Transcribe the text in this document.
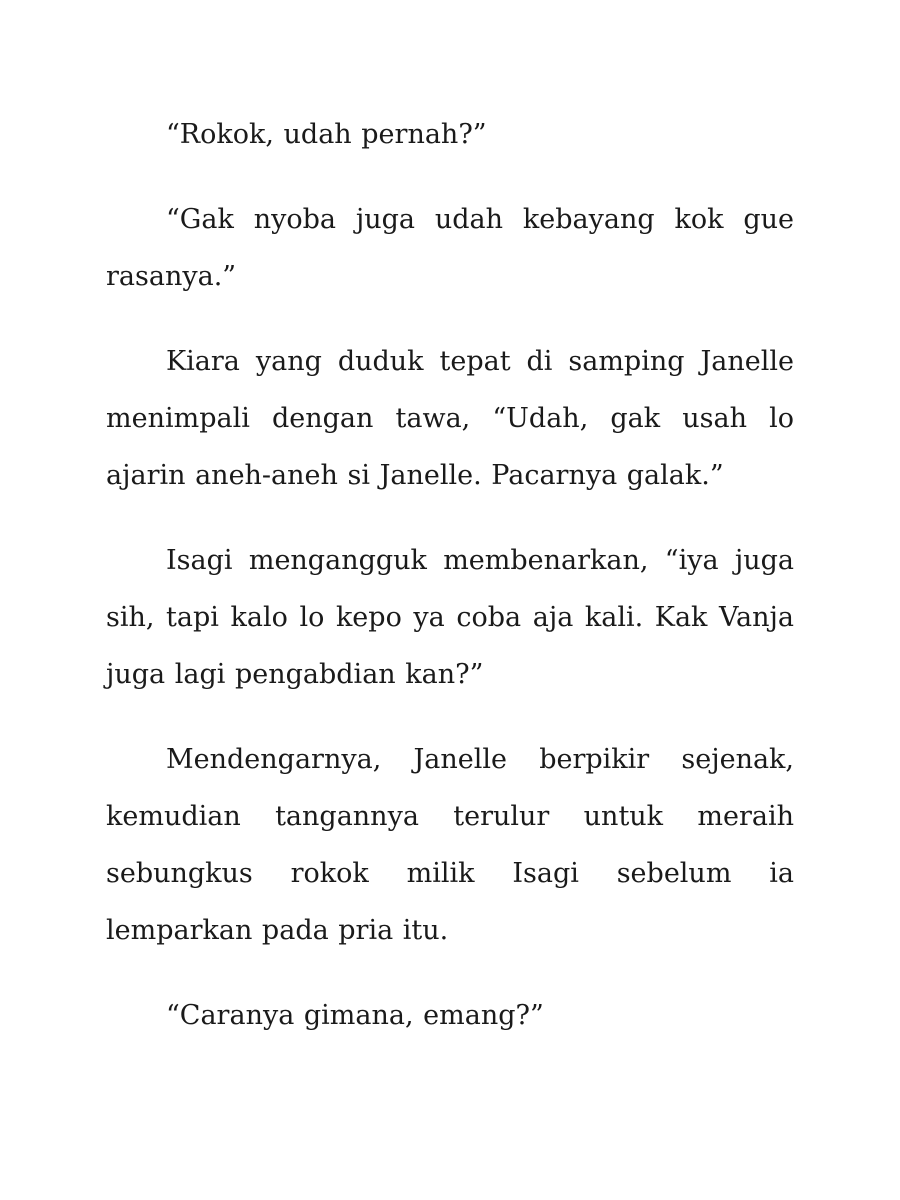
“Rokok, udah pernah?”

“Gak nyoba juga udah kebayang kok gue rasanya.”

Kiara yang duduk tepat di samping Janelle menimpali dengan tawa, “Udah, gak usah lo ajarin aneh-aneh si Janelle. Pacarnya galak.”

Isagi mengangguk membenarkan, “iya juga sih, tapi kalo lo kepo ya coba aja kali. Kak Vanja juga lagi pengabdian kan?”

Mendengarnya, Janelle berpikir sejenak, kemudian tangannya terulur untuk meraih sebungkus rokok milik Isagi sebelum ia lemparkan pada pria itu.

“Caranya gimana, emang?”
